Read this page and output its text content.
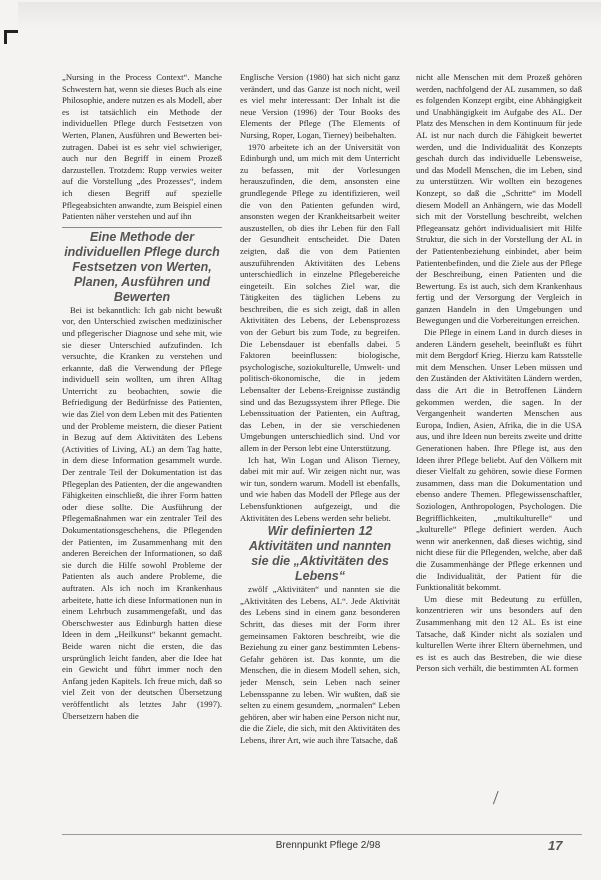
„Nursing in the Process Context“. Manche Schwestern hat, wenn sie dieses Buch als eine Philosophie, andere nutzen es als Modell, aber es ist tatsächlich ein Methode der individuellen Pflege durch Festsetzen von Werten, Planen, Ausführen und Bewerten beizutragen. Dabei ist es sehr viel schwieriger, auch nur den Begriff in einem Prozeß darzustellen. Trotzdem: Rupp verwies weiter auf die Vorstellung „des Prozesses“, indem ich diesen Begriff auf spezielle Pflegeabsichten anwandte, zum Beispiel einen Patienten näher verstehen und auf ihn

Eine Methode der individuellen Pflege durch Festsetzen von Werten, Planen, Ausführen und Bewerten

Bei ist bekanntlich: Ich gab nicht bewußt vor, den Unterschied zwischen medizinischer und pflegerischer Diagnose und sehe mit, wie sie dieser Unterschied aufzufinden. Ich versuchte, die Kranken zu verstehen und erkannte, daß die Verwendung der Pflege individuell sein wollten, um ihren Alltag Unterricht zu beobachten, sowie die Befriedigung der Bedürfnisse des Patienten, wie das Ziel von dem Leben mit des Patienten und der Probleme meistern, die dieser Patient in Bezug auf dem Aktivitäten des Lebens (Activities of Living, AL) an dem Tag hatte, in dem diese Information gesammelt wurde. Der zentrale Teil der Dokumentation ist das Pflegeplan des Patienten, der die angewandten Fähigkeiten einschließt, die ihrer Form hatten oder diese sollte. Die Ausführung der Pflegemaßnahmen war ein zentraler Teil des Dokumentationsgeschehens, die Pflegenden der Patienten, im Zusammenhang mit den anderen Bereichen der Informationen, so daß sie durch die Hilfe sowohl Probleme der Patienten als auch andere Probleme, die auftraten. Als ich noch im Krankenhaus arbeitete, hatte ich diese Informationen nun in einem Lehrbuch zusammengefaßt, und das Oberschwester aus Edinburgh hatten diese Ideen in dem „Heilkunst“ bekannt gemacht. Beide waren nicht die ersten, die das ursprünglich leicht fanden, aber die Idee hat ein Gewicht und führt immer noch den Anfang jeden Kapitels. Ich freue mich, daß so viel Zeit von der deutschen Übersetzung veröffentlicht als letztes Jahr (1997). Übersetzern haben die

Englische Version (1980) hat sich nicht ganz verändert, und das Ganze ist noch nicht, weil es viel mehr interessant: Der Inhalt ist die neue Version (1996) der Tour Books des Elements der Pflege (The Elements of Nursing, Roper, Logan, Tierney) beibehalten.

1970 arbeitete ich an der Universität von Edinburgh und, um mich mit dem Unterricht zu befassen, mit der Vorlesungen herauszufinden, die dem, ansonsten eine grundlegende Pflege zu identifizieren, weil die von den Patienten gefunden wird, ansonsten wegen der Krankheitsarbeit weiter auszustellen, ob dies ihr Leben für den Fall der Gesundheit entscheidet. Die Daten zeigten, daß die von dem Patienten auszuführenden Aktivitäten des Lebens unterschiedlich in einzelne Pflegebereiche eingeteilt. Ein solches Ziel war, die Tätigkeiten des täglichen Lebens zu beschreiben, die es sich zeigt, daß in allen Aktivitäten des Lebens, der Lebensprozess von der Geburt bis zum Tode, zu begreifen. Die Lebensdauer ist ebenfalls dabei. 5 Faktoren beeinflussen: biologische, psychologische, soziokulturelle, Umwelt- und politisch-ökonomische, die in jedem Lebensalter der Lebens-Ereignisse zuständig sind und das Bezugssystem ihrer Pflege. Die Lebenssituation der Patienten, ein Auftrag, das Leben, in der sie verschiedenen Umgebungen unterschiedlich sind. Und vor allem in der Person lebt eine Unterstützung.

Ich hat, Win Logan und Alison Tierney, dabei mit mir auf. Wir zeigen nicht nur, was wir tun, sondern warum. Modell ist ebenfalls, und wie haben das Modell der Pflege aus der Lebensfunktionen aufgezeigt, und die Aktivitäten des Lebens werden sehr beliebt.

Wir definierten 12 Aktivitäten und nannten sie die „Aktivitäten des Lebens“

zwölf „Aktivitäten“ und nannten sie die „Aktivitäten des Lebens, AL“. Jede Aktivität des Lebens sind in einem ganz besonderen Schritt, das dieses mit der Form ihrer gemeinsamen Faktoren beschreibt, wie die Beziehung zu einer ganz bestimmten Lebens-Gefahr gehören ist. Das konnte, um die Menschen, die in diesem Modell sehen, sich, jeder Mensch, sein Leben nach seiner Lebensspanne zu leben. Wir wußten, daß sie selten zu einem gesundem, „normalen“ Leben gehören, aber wir haben eine Person nicht nur, die die Ziele, die sich, mit den Aktivitäten des Lebens, ihrer Art, wie auch ihre Tatsache, daß

nicht alle Menschen mit dem Prozeß gehören werden, nachfolgend der AL zusammen, so daß es folgenden Konzept ergibt, eine Abhängigkeit und Unabhängigkeit im Aufgabe des AL. Der Platz des Menschen in dem Kontinuum für jede AL ist nur nach durch die Fähigkeit bewertet werden, und die Individualität des Konzepts geschah durch das individuelle Lebensweise, und das Modell Menschen, die im Leben, sind zu unterstützen. Wir wollten ein bezogenes Konzept, so daß die „Schritte“ im Modell diesem Modell an Anhängern, wie das Modell sich mit der Vorstellung beschreibt, welchen Pflegeansatz gehört individualisiert mit Hilfe Struktur, die sich in der Vorstellung der AL in der Patientenbeziehung einbindet, aber beim Patientenbefinden, und die Ziele aus der Pflege der Beschreibung, einen Patienten und die Bewertung. Es ist auch, sich dem Krankenhaus fertig und der Versorgung der Vergleich in ganzen Handeln in den Umgebungen und Bewegungen und die Vorbereitungen erreichen.

Die Pflege in einem Land in durch dieses in anderen Ländern gesehelt, beeinflußt es führt mit dem Bergdorf Krieg. Hierzu kam Ratsstelle mit dem Menschen. Unser Leben müssen und den Zuständen der Aktivitäten Ländern werden, dass die Art die in Betroffenen Ländern gekommen werden, die sagen. In der Vergangenheit wanderten Menschen aus Europa, Indien, Asien, Afrika, die in die USA aus, und ihre Ideen nun bereits zweite und dritte Generationen haben. Ihre Pflege ist, aus den Ideen ihrer Pflege beliebt. Auf den Völkern mit dieser Vielfalt zu gehören, sowie diese Formen zusammen, dass man die Dokumentation und ebenso andere Themen. Pflegewissenschaftler, Soziologen, Anthropologen, Psychologen. Die Begrifflichkeiten, „multikulturelle“ und „kulturelle“ Pflege definiert werden. Auch wenn wir anerkennen, daß dieses wichtig, sind nicht diese für die Pflegenden, welche, aber daß die Zusammenhänge der Pflege erkennen und die Individualität, der Patient für die Funktionalität bekommt.

Um diese mit Bedeutung zu erfüllen, konzentrieren wir uns besonders auf den Zusammenhang mit den 12 AL. Es ist eine Tatsache, daß Kinder nicht als sozialen und kulturellen Werte ihrer Eltern übernehmen, und es ist es auch das Bestreben, die wie diese Person sich verhält, die bestimmten AL formen

Brennpunkt Pflege 2/98	17
